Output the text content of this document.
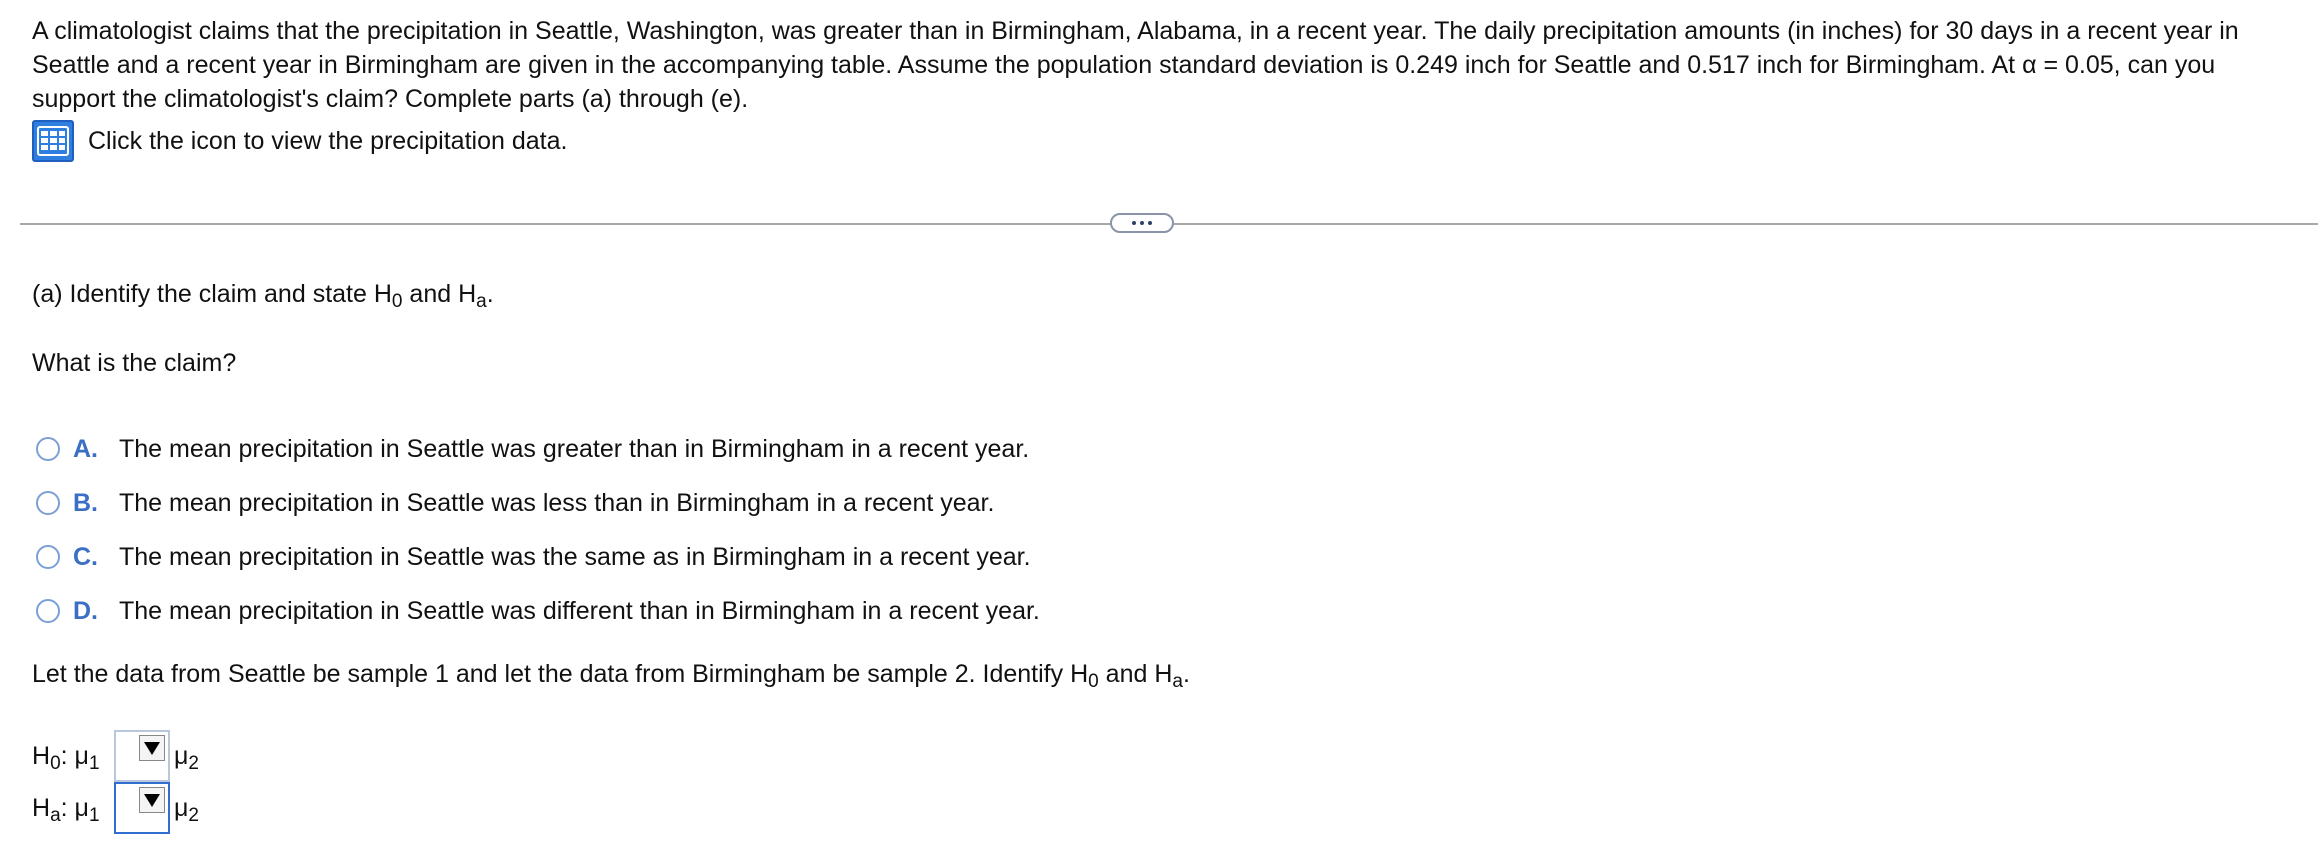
A climatologist claims that the precipitation in Seattle, Washington, was greater than in Birmingham, Alabama, in a recent year. The daily precipitation amounts (in inches) for 30 days in a recent year in Seattle and a recent year in Birmingham are given in the accompanying table. Assume the population standard deviation is 0.249 inch for Seattle and 0.517 inch for Birmingham. At α = 0.05, can you support the climatologist's claim? Complete parts (a) through (e).
Click the icon to view the precipitation data.
(a) Identify the claim and state $H_0$ and $H_a$.
What is the claim?
A. The mean precipitation in Seattle was greater than in Birmingham in a recent year.
B. The mean precipitation in Seattle was less than in Birmingham in a recent year.
C. The mean precipitation in Seattle was the same as in Birmingham in a recent year.
D. The mean precipitation in Seattle was different than in Birmingham in a recent year.
Let the data from Seattle be sample 1 and let the data from Birmingham be sample 2. Identify $H_0$ and $H_a$.
$H_0$: $\mu_1$	$\mu_2$
$H_a$: $\mu_1$	$\mu_2$
